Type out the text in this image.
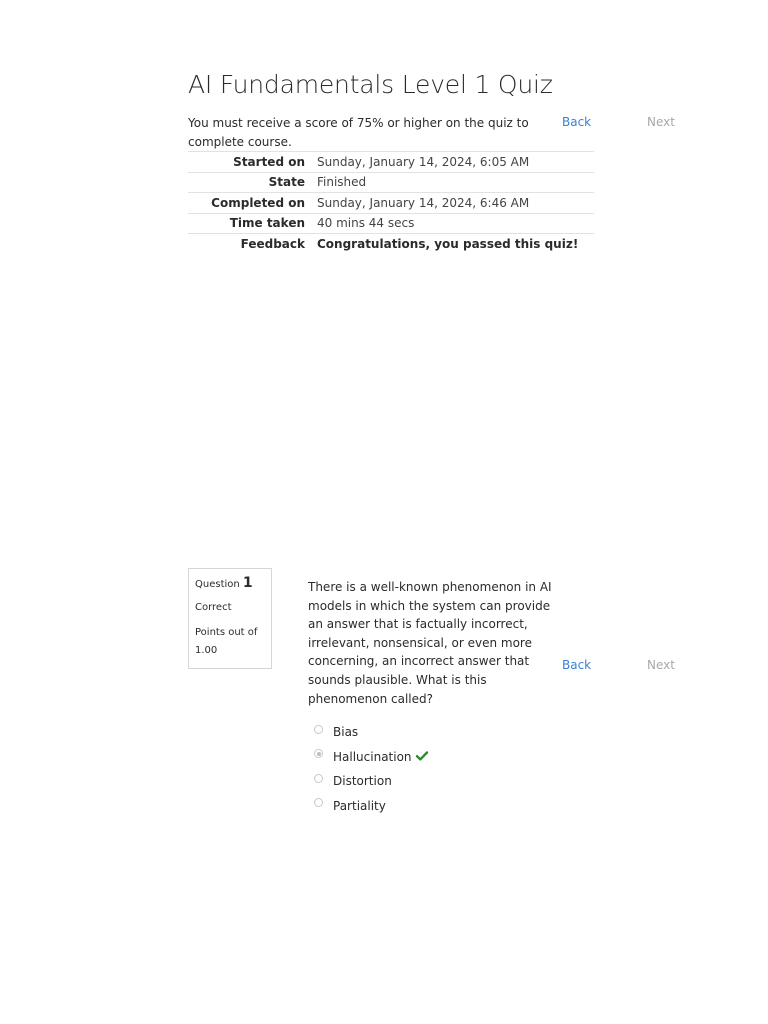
AI Fundamentals Level 1 Quiz
You must receive a score of 75% or higher on the quiz to complete course.
Back	Next
Started on	Sunday, January 14, 2024, 6:05 AM
State	Finished
Completed on	Sunday, January 14, 2024, 6:46 AM
Time taken	40 mins 44 secs
Feedback	Congratulations, you passed this quiz!
Question 1
Correct
Points out of 1.00
There is a well-known phenomenon in AI models in which the system can provide an answer that is factually incorrect, irrelevant, nonsensical, or even more concerning, an incorrect answer that sounds plausible. What is this phenomenon called?
Back	Next
Bias
Hallucination
Distortion
Partiality
